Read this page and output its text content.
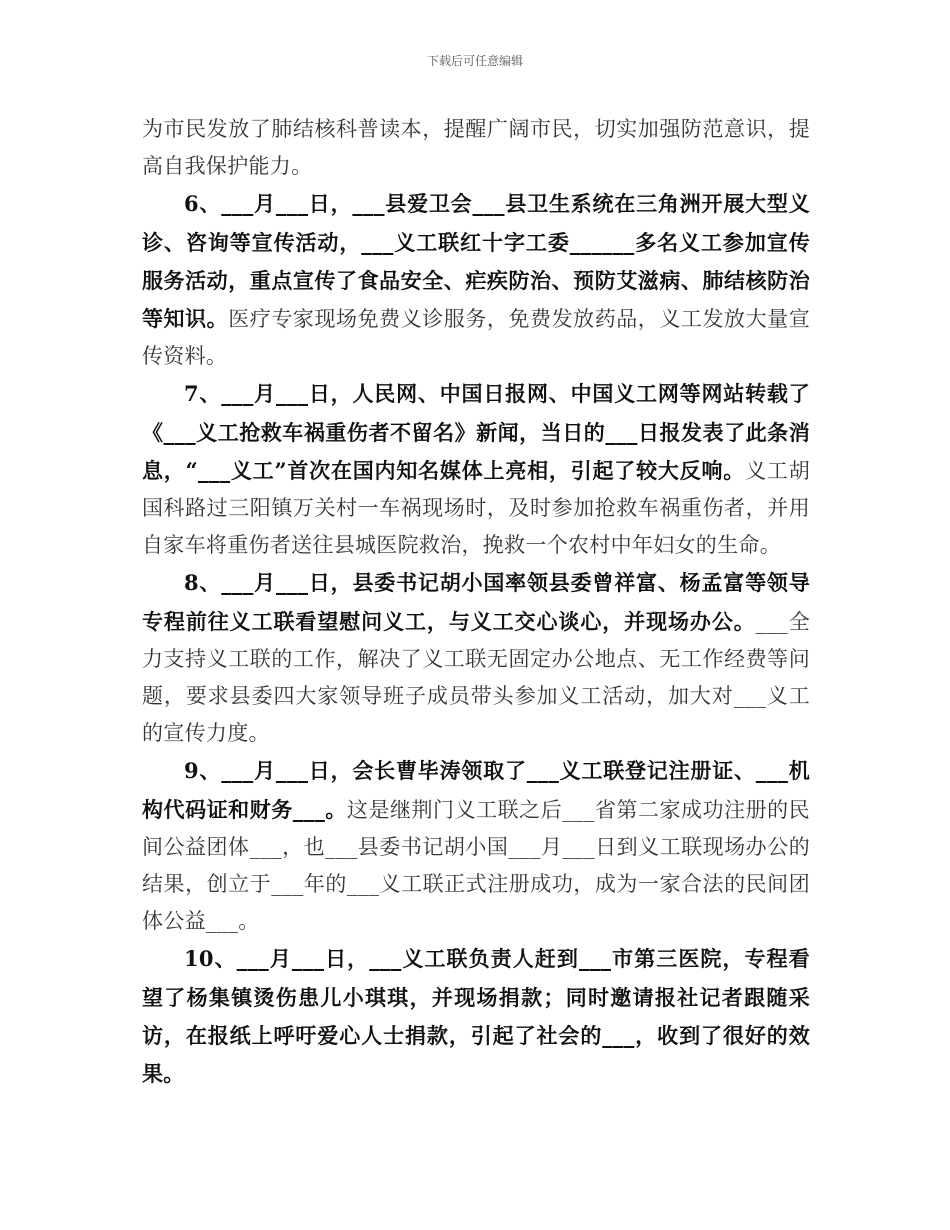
下载后可任意编辑

为市民发放了肺结核科普读本，提醒广阔市民，切实加强防范意识，提高自我保护能力。

6、___月___日，___县爱卫会___县卫生系统在三角洲开展大型义诊、咨询等宣传活动，___义工联红十字工委______多名义工参加宣传服务活动，重点宣传了食品安全、疟疾防治、预防艾滋病、肺结核防治等知识。医疗专家现场免费义诊服务，免费发放药品，义工发放大量宣传资料。

7、___月___日，人民网、中国日报网、中国义工网等网站转载了《___义工抢救车祸重伤者不留名》新闻，当日的___日报发表了此条消息，“___义工”首次在国内知名媒体上亮相，引起了较大反响。义工胡国科路过三阳镇万关村一车祸现场时，及时参加抢救车祸重伤者，并用自家车将重伤者送往县城医院救治，挽救一个农村中年妇女的生命。

8、___月___日，县委书记胡小国率领县委曾祥富、杨孟富等领导专程前往义工联看望慰问义工，与义工交心谈心，并现场办公。___全力支持义工联的工作，解决了义工联无固定办公地点、无工作经费等问题，要求县委四大家领导班子成员带头参加义工活动，加大对___义工的宣传力度。

9、___月___日，会长曹毕涛领取了___义工联登记注册证、___机构代码证和财务___。这是继荆门义工联之后___省第二家成功注册的民间公益团体___，也___县委书记胡小国___月___日到义工联现场办公的结果，创立于___年的___义工联正式注册成功，成为一家合法的民间团体公益___。

10、___月___日，___义工联负责人赶到___市第三医院，专程看望了杨集镇烫伤患儿小琪琪，并现场捐款；同时邀请报社记者跟随采访，在报纸上呼吁爱心人士捐款，引起了社会的___，收到了很好的效果。
